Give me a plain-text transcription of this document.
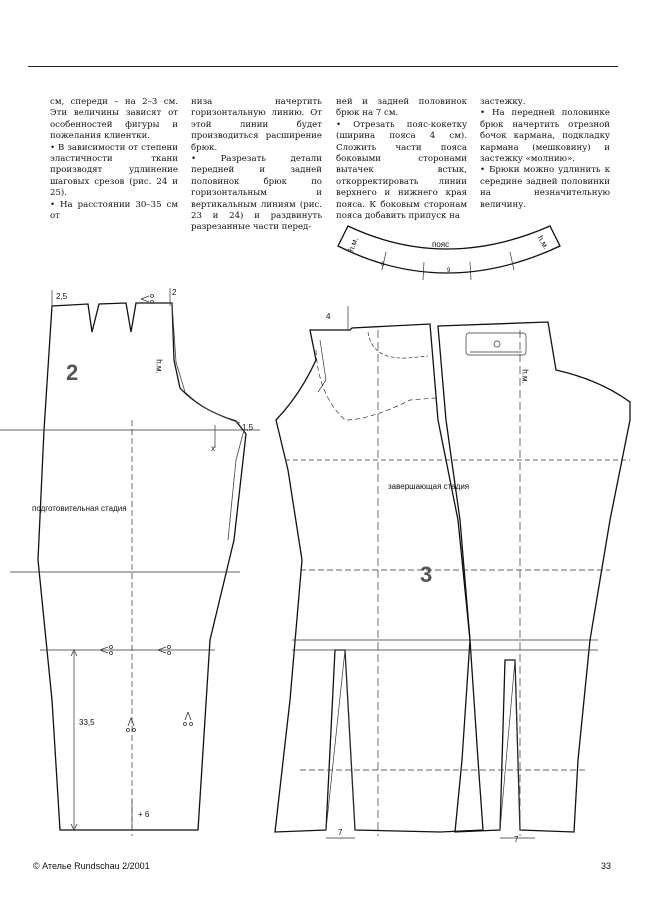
см, спереди – на 2–3 см. Эти величины зависят от особенностей фигуры и пожелания клиентки.

• В зависимости от степени эластичности ткани производят удлинение шаговых срезов (рис. 24 и 25).

• На расстоянии 30–35 см от

низа начертить горизонтальную линию. От этой линии будет производиться расширение брюк.

• Разрезать детали передней и задней половинок брюк по горизонтальным и вертикальным линиям (рис. 23 и 24) и раздвинуть разрезанные части перед-

ней и задней половинок брюк на 7 см.

• Отрезать пояс-кокетку (ширина пояса 4 см). Сложить части пояса боковыми сторонами вытачек встык, откорректировать линии верхнего и нижнего края пояса. К боковым сторонам пояса добавить припуск на

застежку.

• На передней половинке брюк начертить отрезной бочок кармана, подкладку кармана (мешковину) и застежку «молнию».

• Брюки можно удлинить к середине задней половинки на незначительную величину.

2
3
подготовительная стадия
завершающая стадия
пояс
2,5	2
1,5
x
33,5
+ 6
4
7
7
h.м.
h.м.
h.м.	h.м.
6
9
© Ателье Rundschau 2/2001	33
